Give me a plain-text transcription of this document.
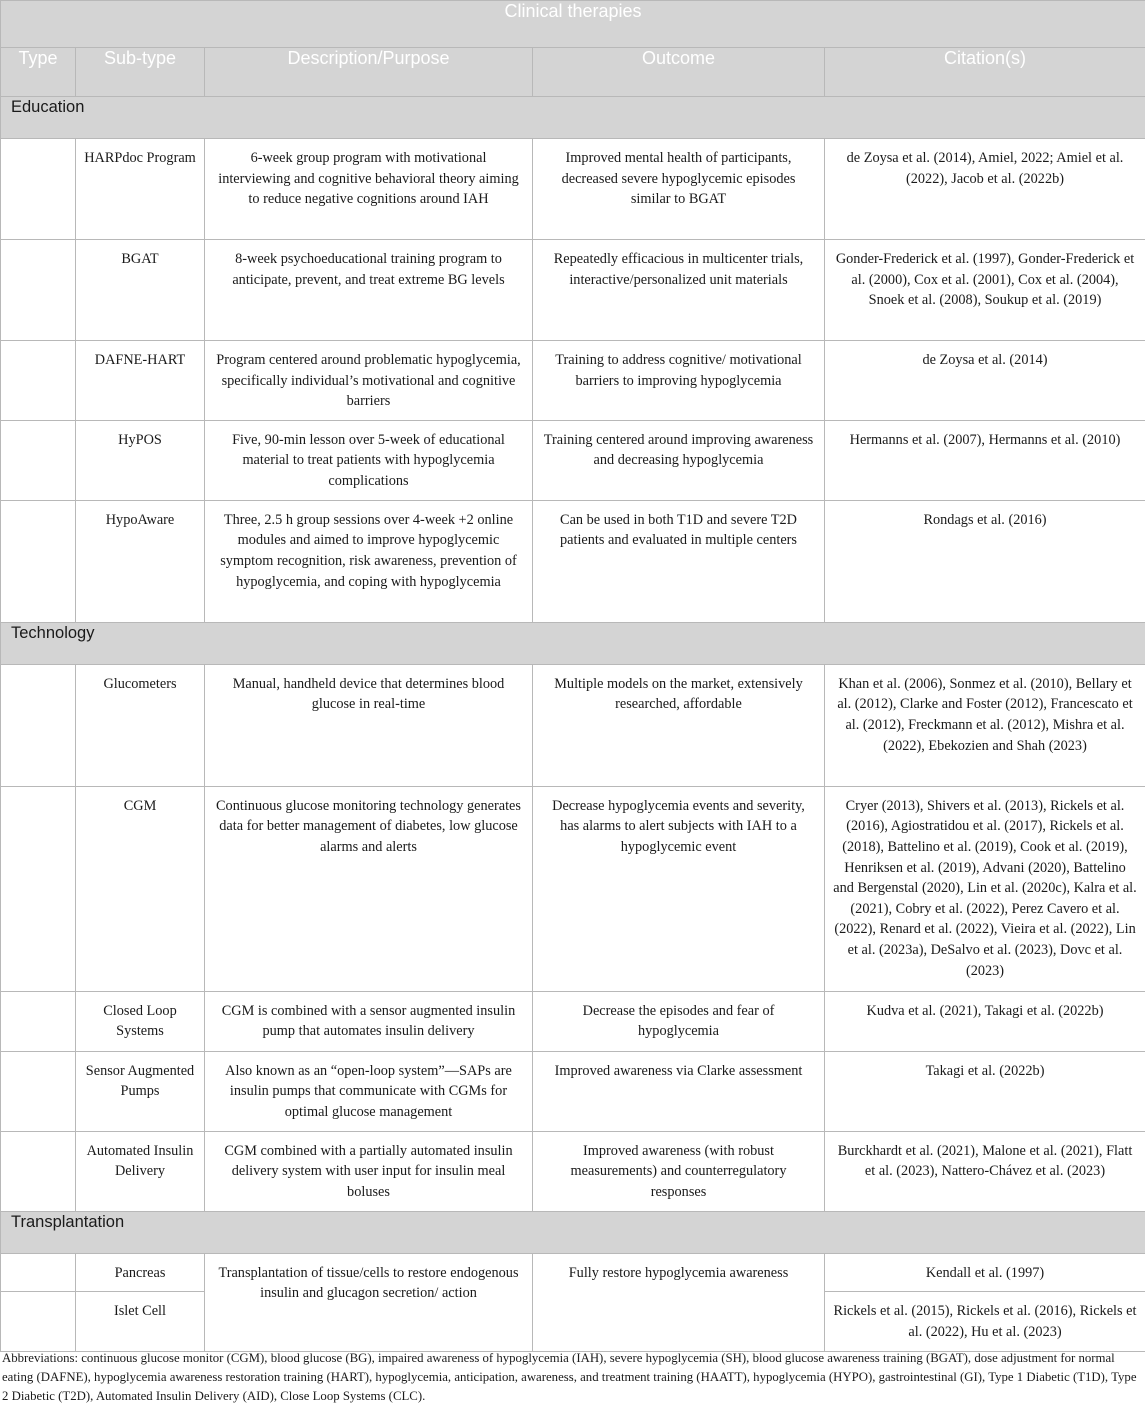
Clinical therapies				
Type	Sub-type	Description/Purpose	Outcome	Citation(s)
Education				
	HARPdoc Program	6-week group program with motivational interviewing and cognitive behavioral theory aiming to reduce negative cognitions around IAH	Improved mental health of participants, decreased severe hypoglycemic episodes similar to BGAT	de Zoysa et al. (2014), Amiel, 2022; Amiel et al. (2022), Jacob et al. (2022b)
	BGAT	8-week psychoeducational training program to anticipate, prevent, and treat extreme BG levels	Repeatedly efficacious in multicenter trials, interactive/personalized unit materials	Gonder-Frederick et al. (1997), Gonder-Frederick et al. (2000), Cox et al. (2001), Cox et al. (2004), Snoek et al. (2008), Soukup et al. (2019)
	DAFNE-HART	Program centered around problematic hypoglycemia, specifically individual’s motivational and cognitive barriers	Training to address cognitive/ motivational barriers to improving hypoglycemia	de Zoysa et al. (2014)
	HyPOS	Five, 90-min lesson over 5-week of educational material to treat patients with hypoglycemia complications	Training centered around improving awareness and decreasing hypoglycemia	Hermanns et al. (2007), Hermanns et al. (2010)
	HypoAware	Three, 2.5 h group sessions over 4-week +2 online modules and aimed to improve hypoglycemic symptom recognition, risk awareness, prevention of hypoglycemia, and coping with hypoglycemia	Can be used in both T1D and severe T2D patients and evaluated in multiple centers	Rondags et al. (2016)
Technology				
	Glucometers	Manual, handheld device that determines blood glucose in real-time	Multiple models on the market, extensively researched, affordable	Khan et al. (2006), Sonmez et al. (2010), Bellary et al. (2012), Clarke and Foster (2012), Francescato et al. (2012), Freckmann et al. (2012), Mishra et al. (2022), Ebekozien and Shah (2023)
	CGM	Continuous glucose monitoring technology generates data for better management of diabetes, low glucose alarms and alerts	Decrease hypoglycemia events and severity, has alarms to alert subjects with IAH to a hypoglycemic event	Cryer (2013), Shivers et al. (2013), Rickels et al. (2016), Agiostratidou et al. (2017), Rickels et al. (2018), Battelino et al. (2019), Cook et al. (2019), Henriksen et al. (2019), Advani (2020), Battelino and Bergenstal (2020), Lin et al. (2020c), Kalra et al. (2021), Cobry et al. (2022), Perez Cavero et al. (2022), Renard et al. (2022), Vieira et al. (2022), Lin et al. (2023a), DeSalvo et al. (2023), Dovc et al. (2023)
	Closed Loop Systems	CGM is combined with a sensor augmented insulin pump that automates insulin delivery	Decrease the episodes and fear of hypoglycemia	Kudva et al. (2021), Takagi et al. (2022b)
	Sensor Augmented Pumps	Also known as an “open-loop system”—SAPs are insulin pumps that communicate with CGMs for optimal glucose management	Improved awareness via Clarke assessment	Takagi et al. (2022b)
	Automated Insulin Delivery	CGM combined with a partially automated insulin delivery system with user input for insulin meal boluses	Improved awareness (with robust measurements) and counterregulatory responses	Burckhardt et al. (2021), Malone et al. (2021), Flatt et al. (2023), Nattero-Chávez et al. (2023)
Transplantation				
	Pancreas	Transplantation of tissue/cells to restore endogenous insulin and glucagon secretion/ action	Fully restore hypoglycemia awareness	Kendall et al. (1997)
	Islet Cell			Rickels et al. (2015), Rickels et al. (2016), Rickels et al. (2022), Hu et al. (2023)
Abbreviations: continuous glucose monitor (CGM), blood glucose (BG), impaired awareness of hypoglycemia (IAH), severe hypoglycemia (SH), blood glucose awareness training (BGAT), dose adjustment for normal eating (DAFNE), hypoglycemia awareness restoration training (HART), hypoglycemia, anticipation, awareness, and treatment training (HAATT), hypoglycemia (HYPO), gastrointestinal (GI), Type 1 Diabetic (T1D), Type 2 Diabetic (T2D), Automated Insulin Delivery (AID), Close Loop Systems (CLC).
